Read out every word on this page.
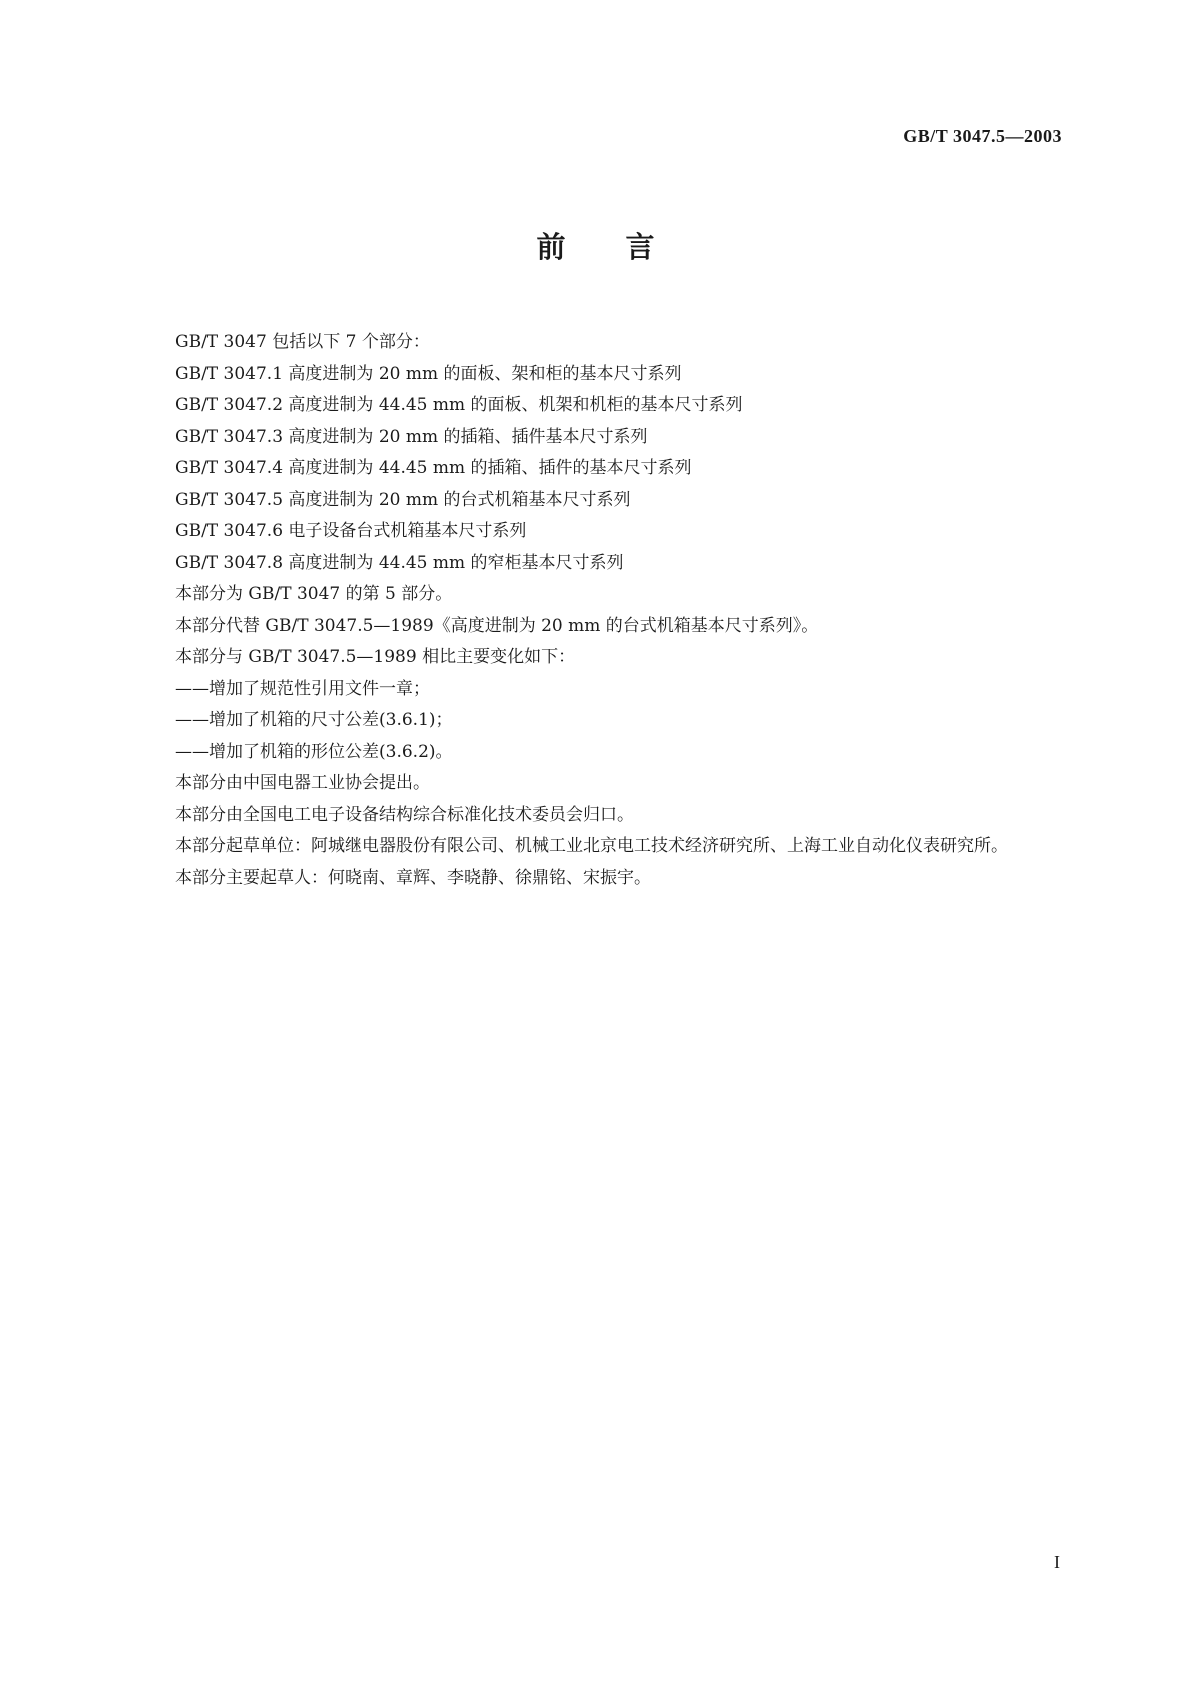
GB/T 3047.5—2003
前言

GB/T 3047 包括以下 7 个部分：

GB/T 3047.1 高度进制为 20 mm 的面板、架和柜的基本尺寸系列

GB/T 3047.2 高度进制为 44.45 mm 的面板、机架和机柜的基本尺寸系列

GB/T 3047.3 高度进制为 20 mm 的插箱、插件基本尺寸系列

GB/T 3047.4 高度进制为 44.45 mm 的插箱、插件的基本尺寸系列

GB/T 3047.5 高度进制为 20 mm 的台式机箱基本尺寸系列

GB/T 3047.6 电子设备台式机箱基本尺寸系列

GB/T 3047.8 高度进制为 44.45 mm 的窄柜基本尺寸系列

本部分为 GB/T 3047 的第 5 部分。

本部分代替 GB/T 3047.5—1989《高度进制为 20 mm 的台式机箱基本尺寸系列》。

本部分与 GB/T 3047.5—1989 相比主要变化如下：

——增加了规范性引用文件一章；

——增加了机箱的尺寸公差(3.6.1)；

——增加了机箱的形位公差(3.6.2)。

本部分由中国电器工业协会提出。

本部分由全国电工电子设备结构综合标准化技术委员会归口。

本部分起草单位：阿城继电器股份有限公司、机械工业北京电工技术经济研究所、上海工业自动化仪表研究所。

本部分主要起草人：何晓南、章辉、李晓静、徐鼎铭、宋振宇。

I
